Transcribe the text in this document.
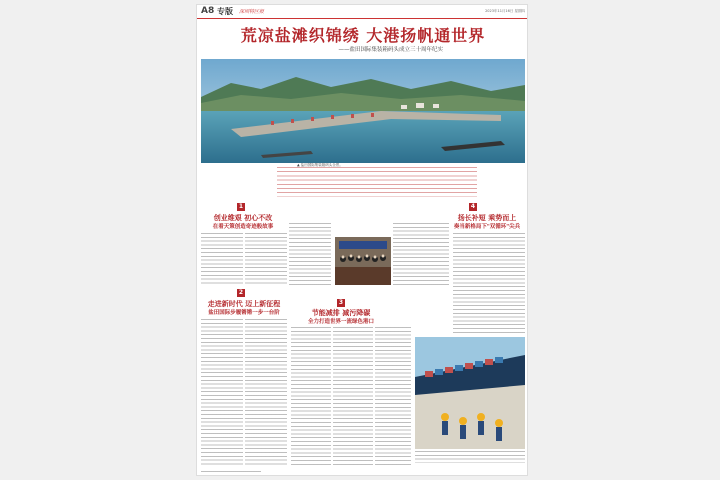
A8 专版 深圳特区报	2023年11月16日 星期四
荒凉盐滩织锦绣 大港扬帆通世界
——盐田国际集装箱码头成立三十周年纪实
▲ 盐田国际集装箱码头全景。
1
创业维艰 初心不改
在着天策创造奇迹般故事
4
扬长补短 乘势而上
奏当新格局下"双循环"尖兵
2
走进新时代 迈上新征程
盐田国际步履锵锵一步一台阶
3
节能减排 减污降碳
全力打造世界一流绿色港口
